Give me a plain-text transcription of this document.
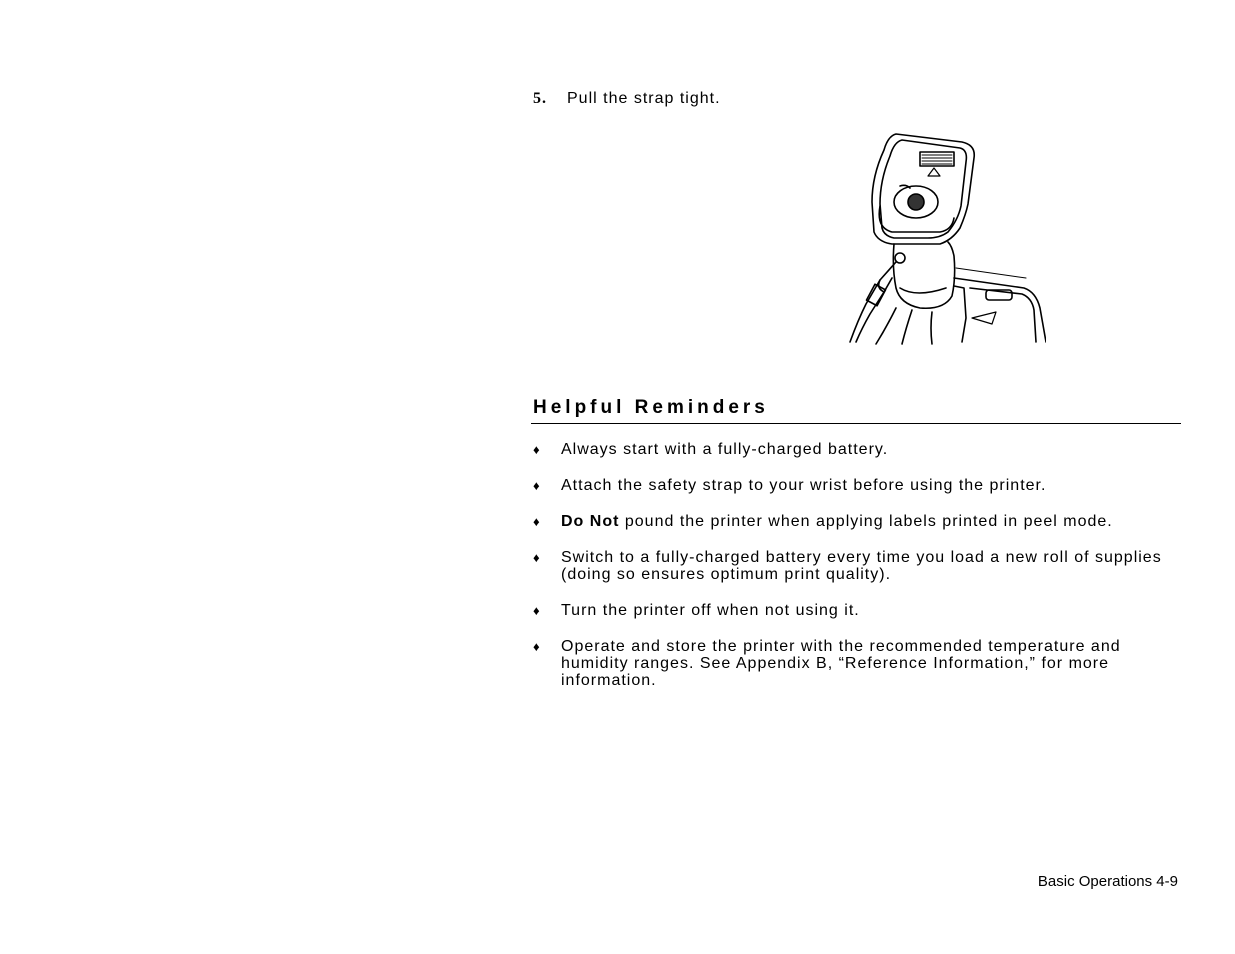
5. Pull the strap tight.
Helpful Reminders
♦ Always start with a fully-charged battery.
♦ Attach the safety strap to your wrist before using the printer.
♦ Do Not pound the printer when applying labels printed in peel mode.
♦ Switch to a fully-charged battery every time you load a new roll of supplies (doing so ensures optimum print quality).
♦ Turn the printer off when not using it.
♦ Operate and store the printer with the recommended temperature and humidity ranges. See Appendix B, “Reference Information,” for more information.
Basic Operations 4-9
